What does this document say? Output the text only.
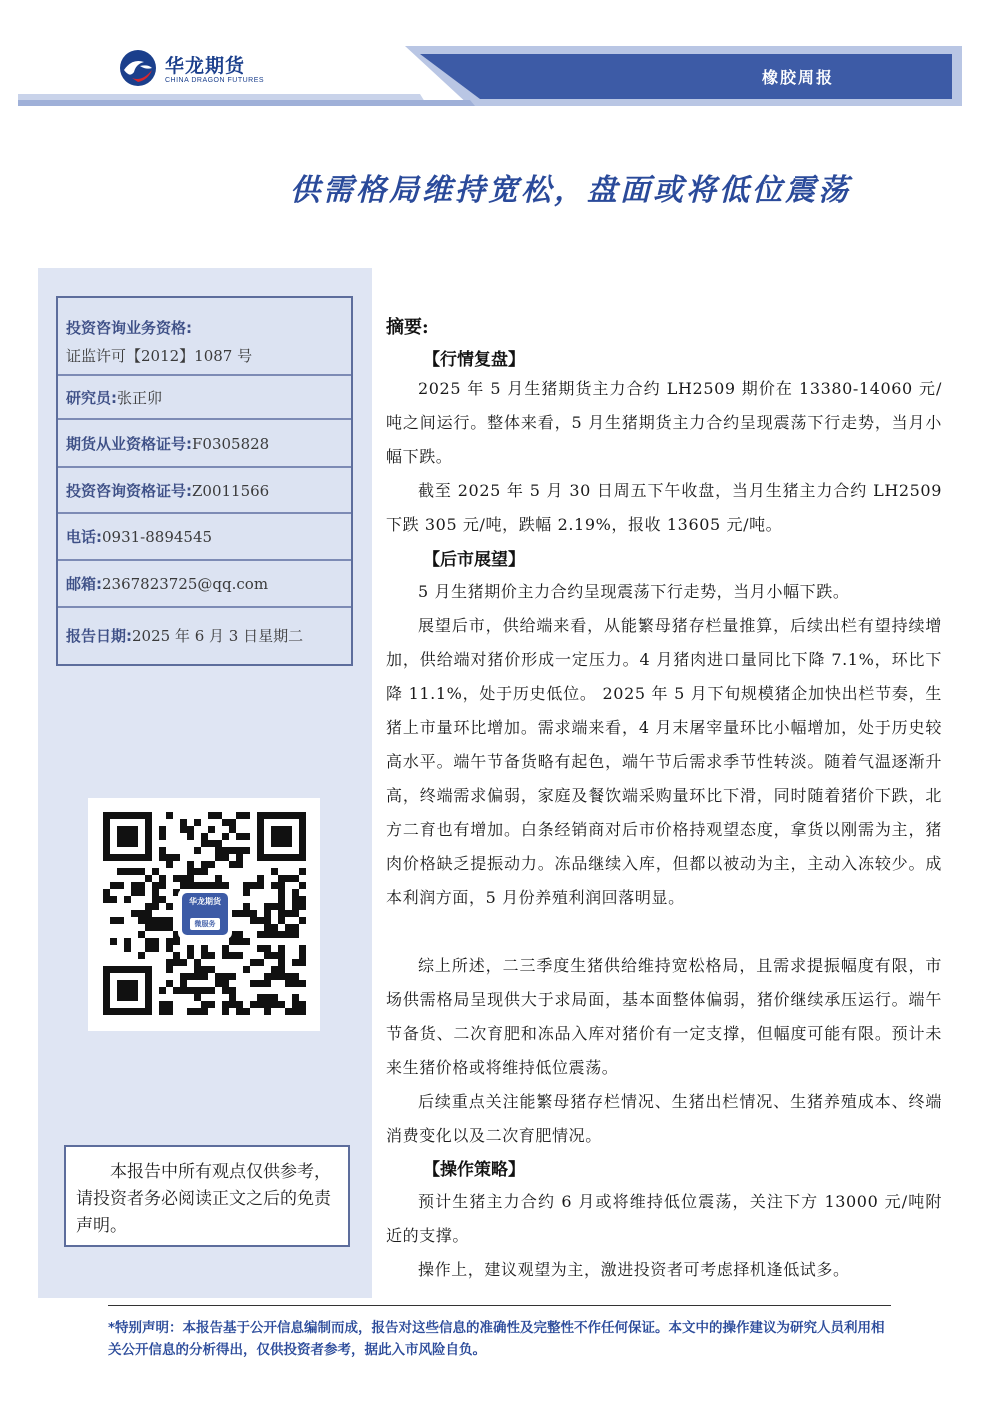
华龙期货
CHINA DRAGON FUTURES	橡胶周报
供需格局维持宽松，盘面或将低位震荡
投资咨询业务资格:
证监许可【2012】1087 号
研究员:张正卯
期货从业资格证号:F0305828
投资咨询资格证号:Z0011566
电话:0931-8894545
邮箱:2367823725@qq.com
报告日期:2025 年 6 月 3 日星期二
华龙期货
微服务
本报告中所有观点仅供参考，请投资者务必阅读正文之后的免责声明。
摘要:
【行情复盘】
2025 年 5 月生猪期货主力合约 LH2509 期价在 13380-14060 元/吨之间运行。整体来看，5 月生猪期货主力合约呈现震荡下行走势，当月小幅下跌。
截至 2025 年 5 月 30 日周五下午收盘，当月生猪主力合约 LH2509 下跌 305 元/吨，跌幅 2.19%，报收 13605 元/吨。
【后市展望】
5 月生猪期价主力合约呈现震荡下行走势，当月小幅下跌。
展望后市，供给端来看，从能繁母猪存栏量推算，后续出栏有望持续增加，供给端对猪价形成一定压力。4 月猪肉进口量同比下降 7.1%，环比下降 11.1%，处于历史低位。 2025 年 5 月下旬规模猪企加快出栏节奏，生猪上市量环比增加。需求端来看，4 月末屠宰量环比小幅增加，处于历史较高水平。端午节备货略有起色，端午节后需求季节性转淡。随着气温逐渐升高，终端需求偏弱，家庭及餐饮端采购量环比下滑，同时随着猪价下跌，北方二育也有增加。白条经销商对后市价格持观望态度，拿货以刚需为主，猪肉价格缺乏提振动力。冻品继续入库，但都以被动为主，主动入冻较少。成本利润方面，5 月份养殖利润回落明显。
综上所述，二三季度生猪供给维持宽松格局，且需求提振幅度有限，市场供需格局呈现供大于求局面，基本面整体偏弱，猪价继续承压运行。端午节备货、二次育肥和冻品入库对猪价有一定支撑，但幅度可能有限。预计未来生猪价格或将维持低位震荡。
后续重点关注能繁母猪存栏情况、生猪出栏情况、生猪养殖成本、终端消费变化以及二次育肥情况。
【操作策略】
预计生猪主力合约 6 月或将维持低位震荡，关注下方 13000 元/吨附近的支撑。
操作上，建议观望为主，激进投资者可考虑择机逢低试多。
*特别声明：本报告基于公开信息编制而成，报告对这些信息的准确性及完整性不作任何保证。本文中的操作建议为研究人员利用相关公开信息的分析得出，仅供投资者参考，据此入市风险自负。
